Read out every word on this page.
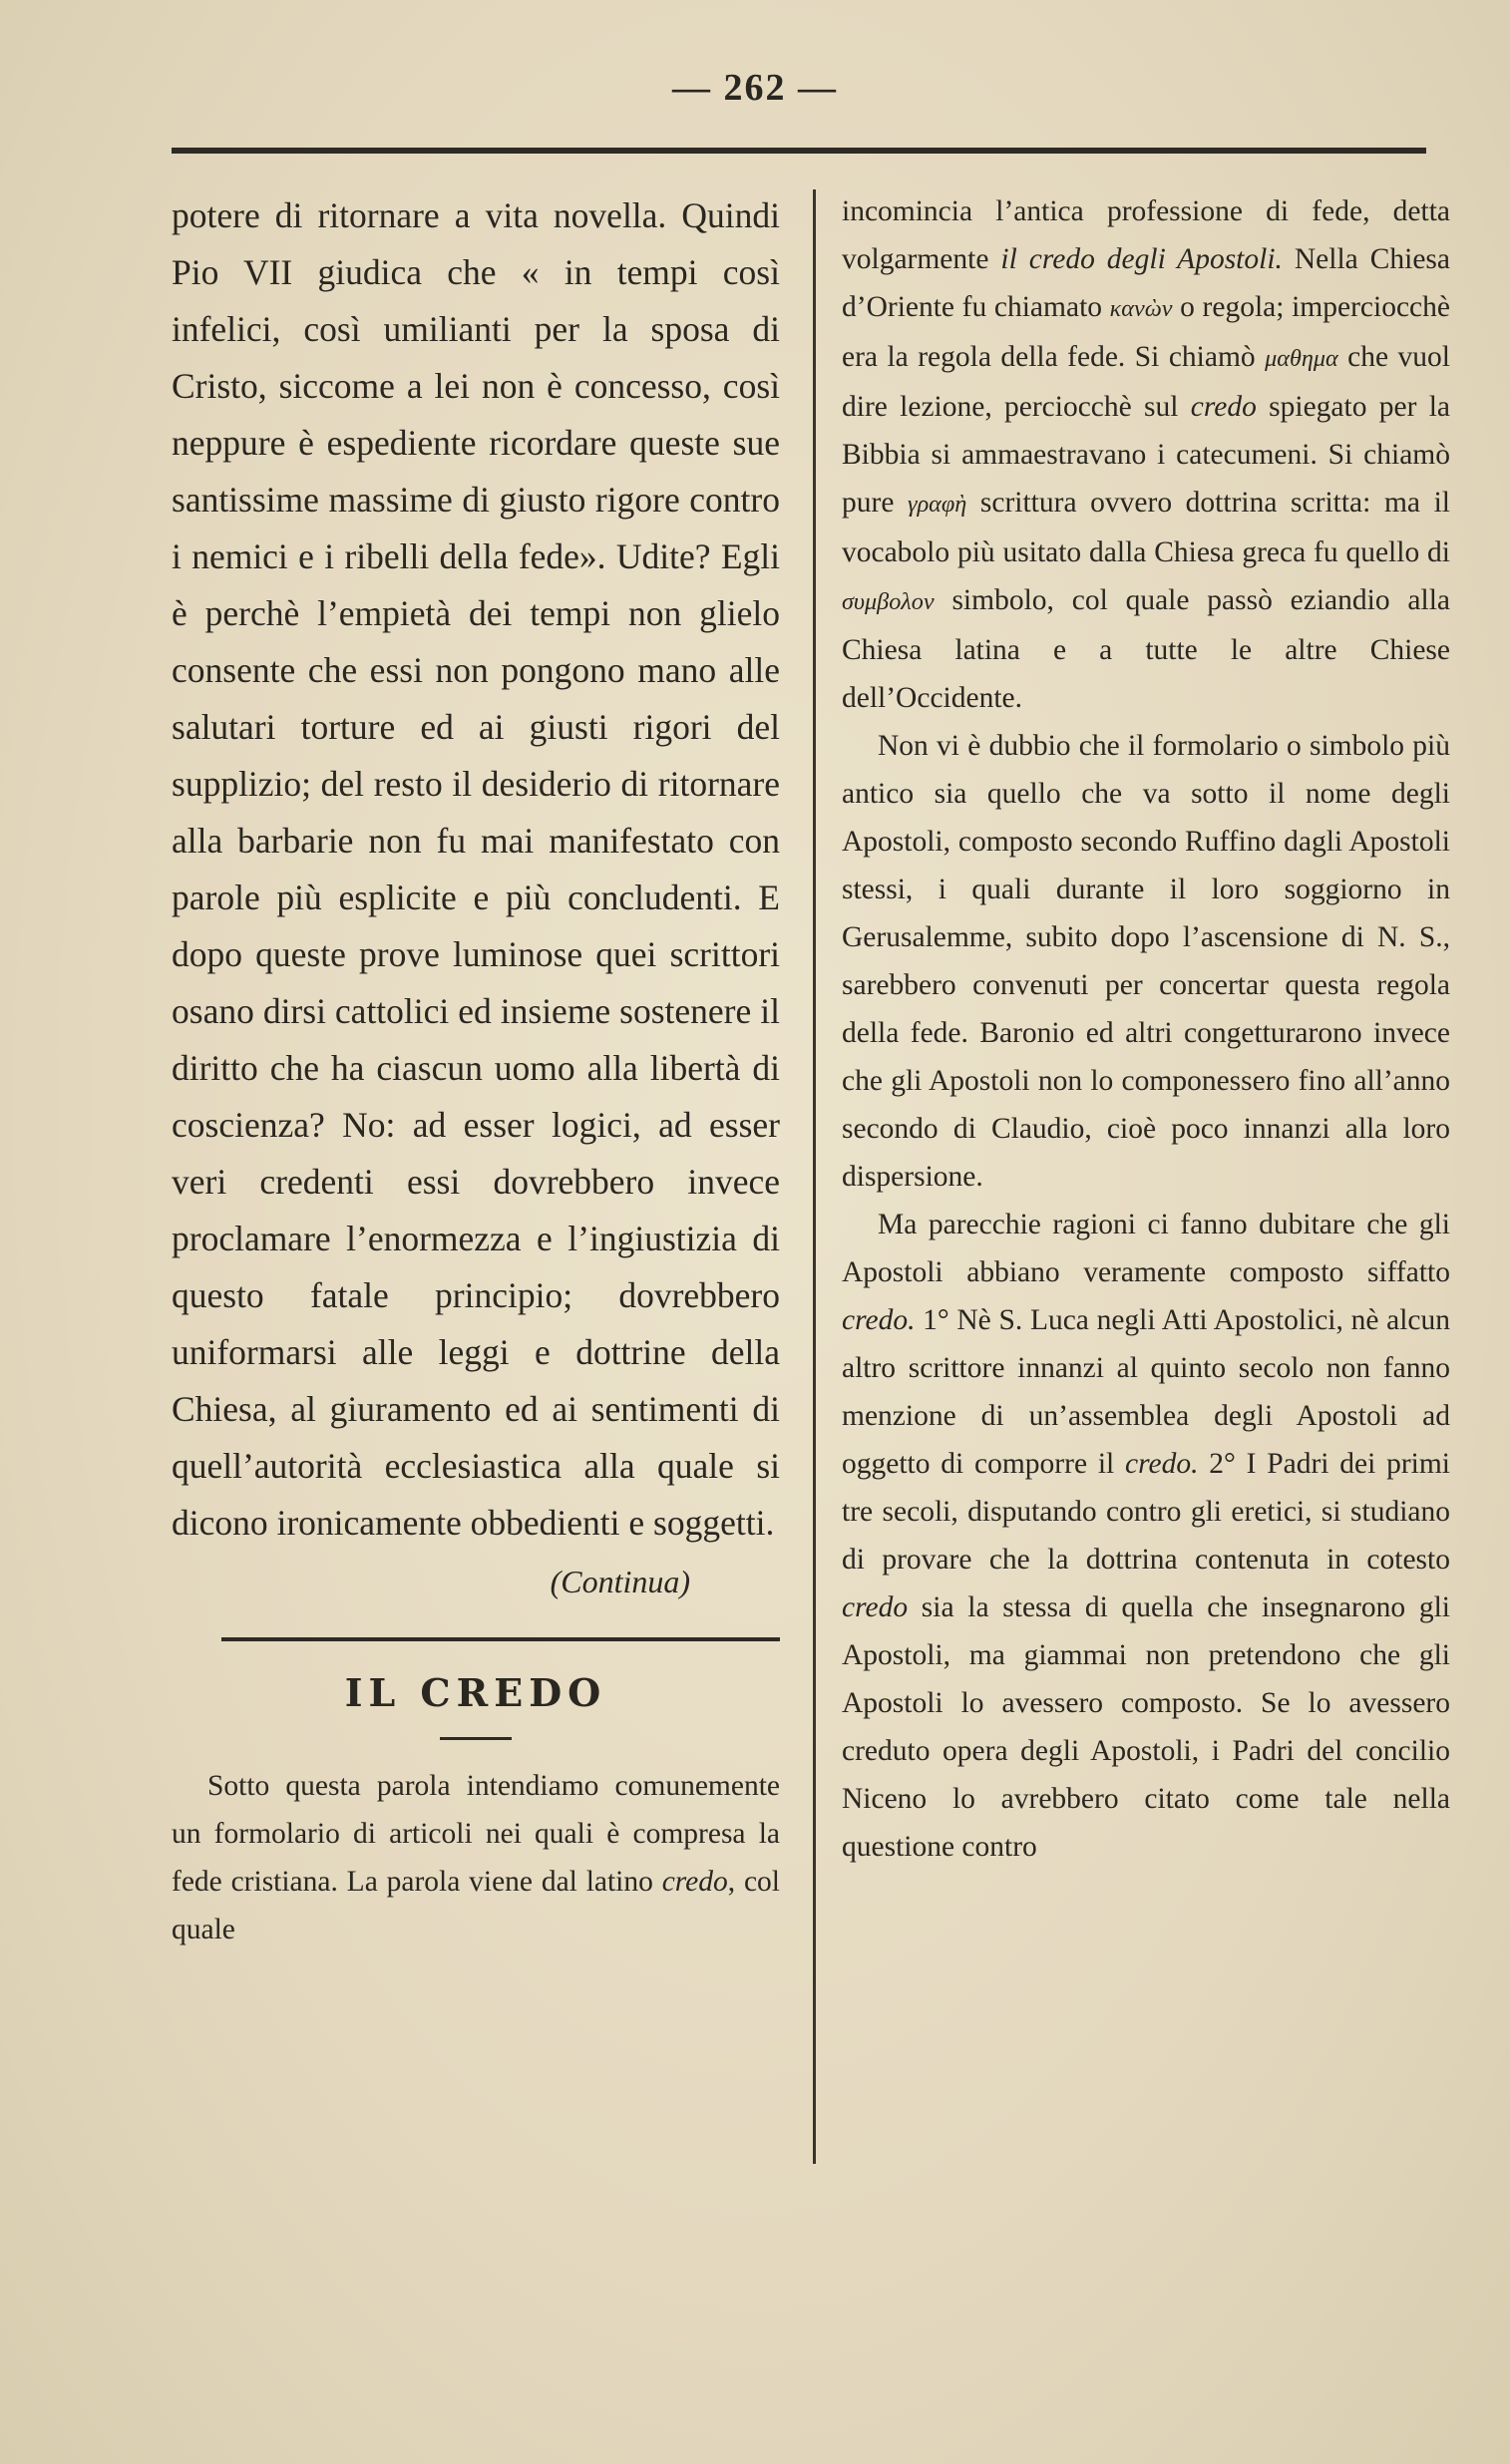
— 262 —

potere di ritornare a vita novella. Quindi Pio VII giudica che « in tempi così infelici, così umilianti per la sposa di Cristo, siccome a lei non è concesso, così neppure è espediente ricordare queste sue santissime massime di giusto rigore contro i nemici e i ribelli della fede». Udite? Egli è perchè l’empietà dei tempi non glielo consente che essi non pongono mano alle salutari torture ed ai giusti rigori del supplizio; del resto il desiderio di ritornare alla barbarie non fu mai manifestato con parole più esplicite e più concludenti. E dopo queste prove luminose quei scrittori osano dirsi cattolici ed insieme sostenere il diritto che ha ciascun uomo alla libertà di coscienza? No: ad esser logici, ad esser veri credenti essi dovrebbero invece proclamare l’enormezza e l’ingiustizia di questo fatale principio; dovrebbero uniformarsi alle leggi e dottrine della Chiesa, al giuramento ed ai sentimenti di quell’autorità ecclesiastica alla quale si dicono ironicamente obbedienti e soggetti.

(Continua)
IL CREDO

Sotto questa parola intendiamo comunemente un formolario di articoli nei quali è compresa la fede cristiana. La parola viene dal latino credo, col quale

incomincia l’antica professione di fede, detta volgarmente il credo degli Apostoli. Nella Chiesa d’Oriente fu chiamato κανὼν o regola; imperciocchè era la regola della fede. Si chiamò μαθημα che vuol dire lezione, perciocchè sul credo spiegato per la Bibbia si ammaestravano i catecumeni. Si chiamò pure γραφὴ scrittura ovvero dottrina scritta: ma il vocabolo più usitato dalla Chiesa greca fu quello di συμβολον simbolo, col quale passò eziandio alla Chiesa latina e a tutte le altre Chiese dell’Occidente.

Non vi è dubbio che il formolario o simbolo più antico sia quello che va sotto il nome degli Apostoli, composto secondo Ruffino dagli Apostoli stessi, i quali durante il loro soggiorno in Gerusalemme, subito dopo l’ascensione di N. S., sarebbero convenuti per concertar questa regola della fede. Baronio ed altri congetturarono invece che gli Apostoli non lo componessero fino all’anno secondo di Claudio, cioè poco innanzi alla loro dispersione.

Ma parecchie ragioni ci fanno dubitare che gli Apostoli abbiano veramente composto siffatto credo. 1° Nè S. Luca negli Atti Apostolici, nè alcun altro scrittore innanzi al quinto secolo non fanno menzione di un’assemblea degli Apostoli ad oggetto di comporre il credo. 2° I Padri dei primi tre secoli, disputando contro gli eretici, si studiano di provare che la dottrina contenuta in cotesto credo sia la stessa di quella che insegnarono gli Apostoli, ma giammai non pretendono che gli Apostoli lo avessero composto. Se lo avessero creduto opera degli Apostoli, i Padri del concilio Niceno lo avrebbero citato come tale nella questione contro
